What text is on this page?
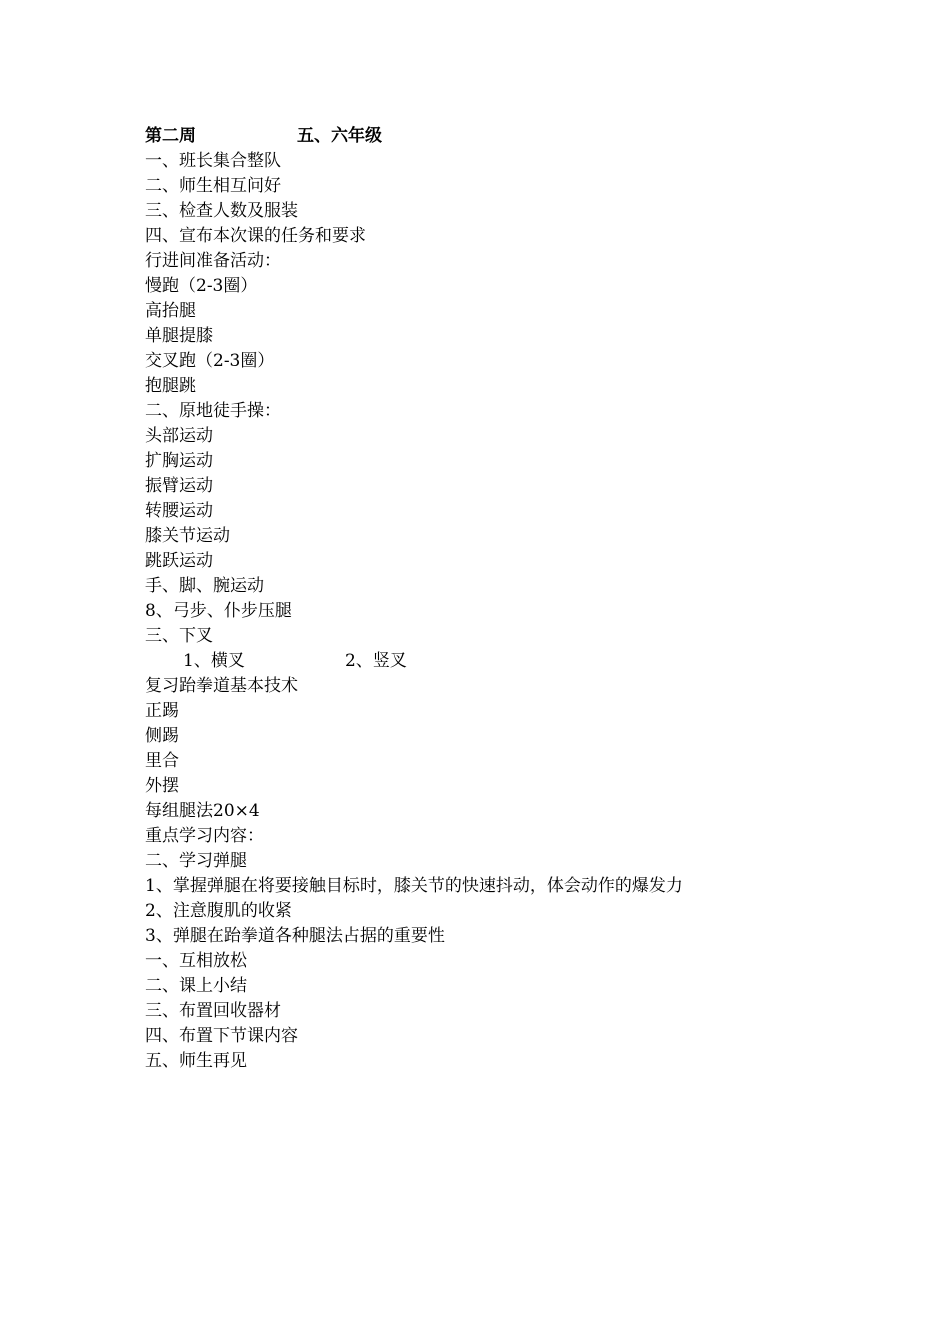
第二周	五、六年级
一、班长集合整队
二、师生相互问好
三、检查人数及服装
四、宣布本次课的任务和要求
行进间准备活动：
慢跑（2-3圈）
高抬腿
单腿提膝
交叉跑（2-3圈）
抱腿跳
二、原地徒手操：
头部运动
扩胸运动
振臂运动
转腰运动
膝关节运动
跳跃运动
手、脚、腕运动
8、弓步、仆步压腿
三、下叉
1、横叉	2、竖叉
复习跆拳道基本技术
正踢
侧踢
里合
外摆
每组腿法20×4
重点学习内容：
二、学习弹腿
1、掌握弹腿在将要接触目标时，膝关节的快速抖动，体会动作的爆发力
2、注意腹肌的收紧
3、弹腿在跆拳道各种腿法占据的重要性
一、互相放松
二、课上小结
三、布置回收器材
四、布置下节课内容
五、师生再见
